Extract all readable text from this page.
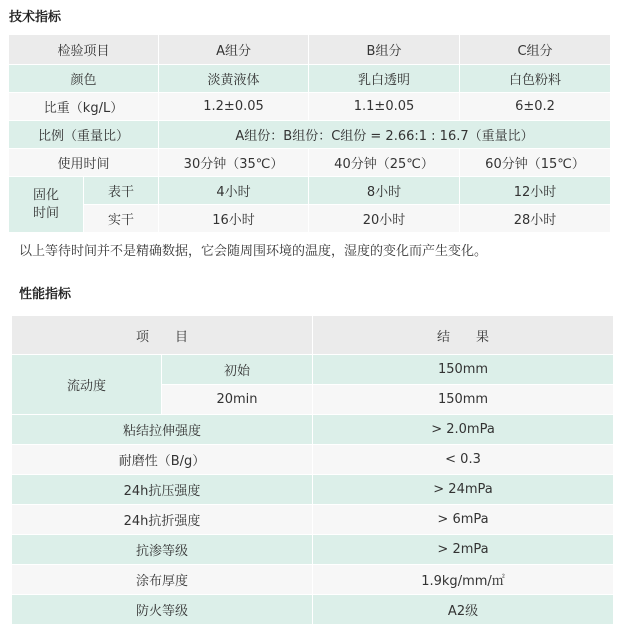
技术指标
检验项目		A组分	B组分	C组分
颜色		淡黄液体	乳白透明	白色粉料
比重（kg/L）		1.2±0.05	1.1±0.05	6±0.2
比例（重量比）		A组份：B组份：C组份 = 2.66:1 : 16.7（重量比）		
使用时间		30分钟（35℃）	40分钟（25℃）	60分钟（15℃）
固化
时间	表干	4小时	8小时	12小时
	实干	16小时	20小时	28小时
以上等待时间并不是精确数据，它会随周围环境的温度，湿度的变化而产生变化。
性能指标
项　　目		结　　果
流动度	初始	150mm
	20min	150mm
粘结拉伸强度		> 2.0mPa
耐磨性（B/g）		< 0.3
24h抗压强度		> 24mPa
24h抗折强度		> 6mPa
抗渗等级		> 2mPa
涂布厚度		1.9kg/mm/㎡
防火等级		A2级
